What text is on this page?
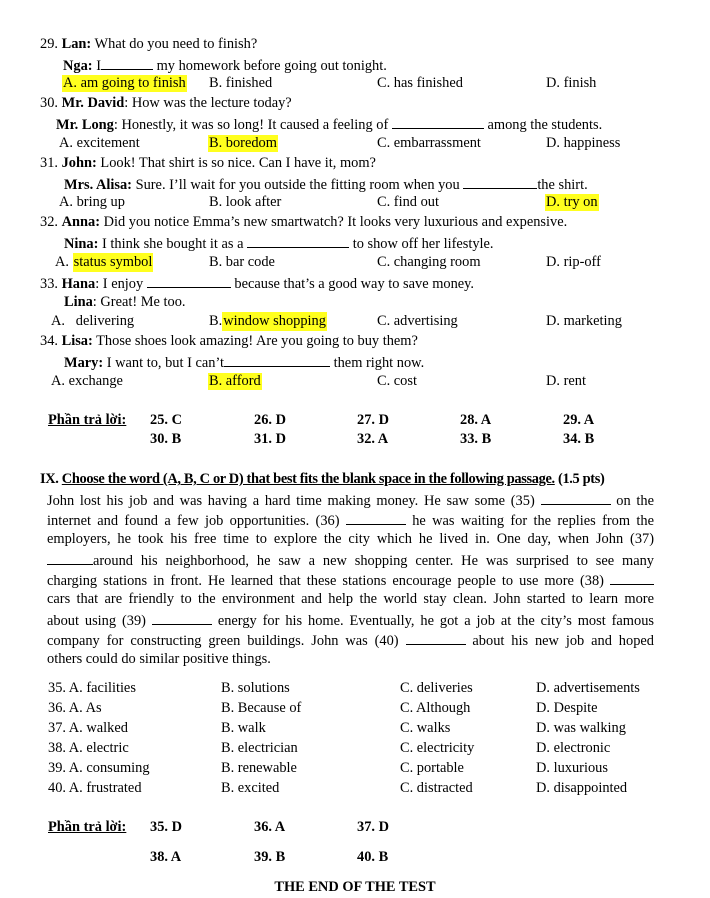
29. Lan: What do you need to finish?
Nga: I	my homework before going out tonight.
A. am going to finish B. finished	C. has finished	D. finish
30. Mr. David: How was the lecture today?
Mr. Long: Honestly, it was so long! It caused a feeling of	among the students.
A. excitement	B. boredom	C. embarrassment	D. happiness
31. John: Look! That shirt is so nice. Can I have it, mom?
Mrs. Alisa: Sure. I’ll wait for you outside the fitting room when you	the shirt.
A. bring up	B. look after	C. find out	D. try on
32. Anna: Did you notice Emma’s new smartwatch? It looks very luxurious and expensive.
Nina: I think she bought it as a	to show off her lifestyle.
A. status symbol	B. bar code	C. changing room	D. rip-off
33. Hana: I enjoy	because that’s a good way to save money.
Lina: Great! Me too.
A.   delivering	B.window shopping	C. advertising	D. marketing
34. Lisa: Those shoes look amazing! Are you going to buy them?
Mary: I want to, but I can’t	them right now.
A. exchange	B. afford	C. cost	D. rent
Phần trả lời: 25. C	26. D	27. D	28. A	29. A
30. B	31. D	32. A	33. B	34. B
IX. Choose the word (A, B, C or D) that best fits the blank space in the following passage. (1.5 pts)
John lost his job and was having a hard time making money. He saw some (35)	on the
internet and found a few job opportunities. (36)	he was waiting for the replies from the
employers, he took his free time to explore the city which he lived in. One day, when John (37)
around his neighborhood, he saw a new shopping center. He was surprised to see many
charging stations in front. He learned that these stations encourage people to use more (38)
cars that are friendly to the environment and help the world stay clean. John started to learn more
about using (39)	energy for his home. Eventually, he got a job at the city’s most famous
company for constructing green buildings. John was (40)	about his new job and hoped
others could do similar positive things.
35. A. facilities	B. solutions	C. deliveries	D. advertisements
36. A. As	B. Because of	C. Although	D. Despite
37. A. walked	B. walk	C. walks	D. was walking
38. A. electric	B. electrician	C. electricity	D. electronic
39. A. consuming	B. renewable	C. portable	D. luxurious
40. A. frustrated	B. excited	C. distracted	D. disappointed
Phần trả lời: 35. D	36. A	37. D
38. A	39. B	40. B
THE END OF THE TEST
